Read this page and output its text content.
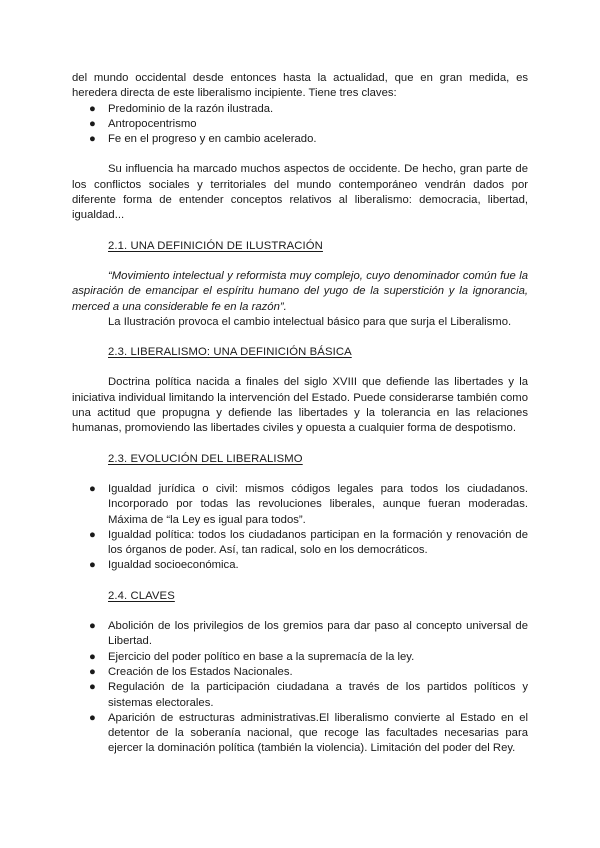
del mundo occidental desde entonces hasta la actualidad, que en gran medida, es heredera directa de este liberalismo incipiente. Tiene tres claves:

● Predominio de la razón ilustrada.
● Antropocentrismo
● Fe en el progreso y en cambio acelerado.

Su influencia ha marcado muchos aspectos de occidente. De hecho, gran parte de los conflictos sociales y territoriales del mundo contemporáneo vendrán dados por diferente forma de entender conceptos relativos al liberalismo: democracia, libertad, igualdad...

2.1. UNA DEFINICIÓN DE ILUSTRACIÓN

“Movimiento intelectual y reformista muy complejo, cuyo denominador común fue la aspiración de emancipar el espíritu humano del yugo de la superstición y la ignorancia, merced a una considerable fe en la razón”.

La Ilustración provoca el cambio intelectual básico para que surja el Liberalismo.

2.3. LIBERALISMO: UNA DEFINICIÓN BÁSICA

Doctrina política nacida a finales del siglo XVIII que defiende las libertades y la iniciativa individual limitando la intervención del Estado. Puede considerarse también como una actitud que propugna y defiende las libertades y la tolerancia en las relaciones humanas, promoviendo las libertades civiles y opuesta a cualquier forma de despotismo.

2.3. EVOLUCIÓN DEL LIBERALISMO

● Igualdad jurídica o civil: mismos códigos legales para todos los ciudadanos. Incorporado por todas las revoluciones liberales, aunque fueran moderadas. Máxima de “la Ley es igual para todos”.
● Igualdad política: todos los ciudadanos participan en la formación y renovación de los órganos de poder. Así, tan radical, solo en los democráticos.
● Igualdad socioeconómica.

2.4. CLAVES

● Abolición de los privilegios de los gremios para dar paso al concepto universal de Libertad.
● Ejercicio del poder político en base a la supremacía de la ley.
● Creación de los Estados Nacionales.
● Regulación de la participación ciudadana a través de los partidos políticos y sistemas electorales.
● Aparición de estructuras administrativas.El liberalismo convierte al Estado en el detentor de la soberanía nacional, que recoge las facultades necesarias para ejercer la dominación política (también la violencia). Limitación del poder del Rey.
